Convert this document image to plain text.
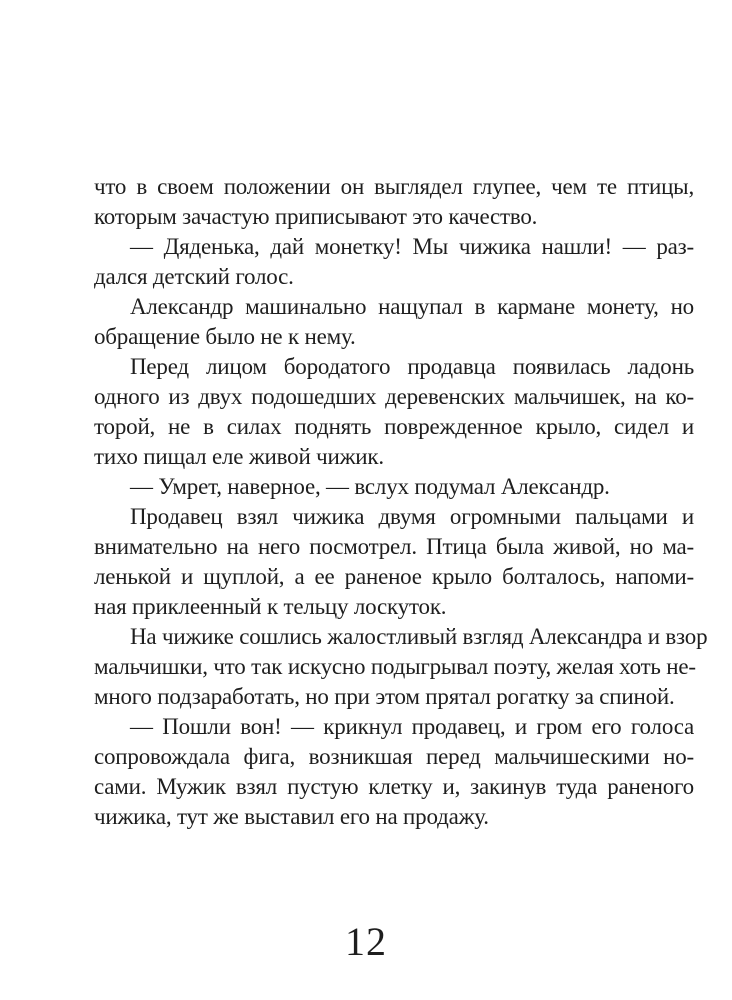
что в своем положении он выглядел глупее, чем те птицы,
которым зачастую приписывают это качество.
— Дяденька, дай монетку! Мы чижика нашли! — раз-
дался детский голос.
Александр машинально нащупал в кармане монету, но
обращение было не к нему.
Перед лицом бородатого продавца появилась ладонь
одного из двух подошедших деревенских мальчишек, на ко-
торой, не в силах поднять поврежденное крыло, сидел и
тихо пищал еле живой чижик.
— Умрет, наверное, — вслух подумал Александр.
Продавец взял чижика двумя огромными пальцами и
внимательно на него посмотрел. Птица была живой, но ма-
ленькой и щуплой, а ее раненое крыло болталось, напоми-
ная приклеенный к тельцу лоскуток.
На чижике сошлись жалостливый взгляд Александра и взор
мальчишки, что так искусно подыгрывал поэту, желая хоть не-
много подзаработать, но при этом прятал рогатку за спиной.
— Пошли вон! — крикнул продавец, и гром его голоса
сопровождала фига, возникшая перед мальчишескими но-
сами. Мужик взял пустую клетку и, закинув туда раненого
чижика, тут же выставил его на продажу.
12
